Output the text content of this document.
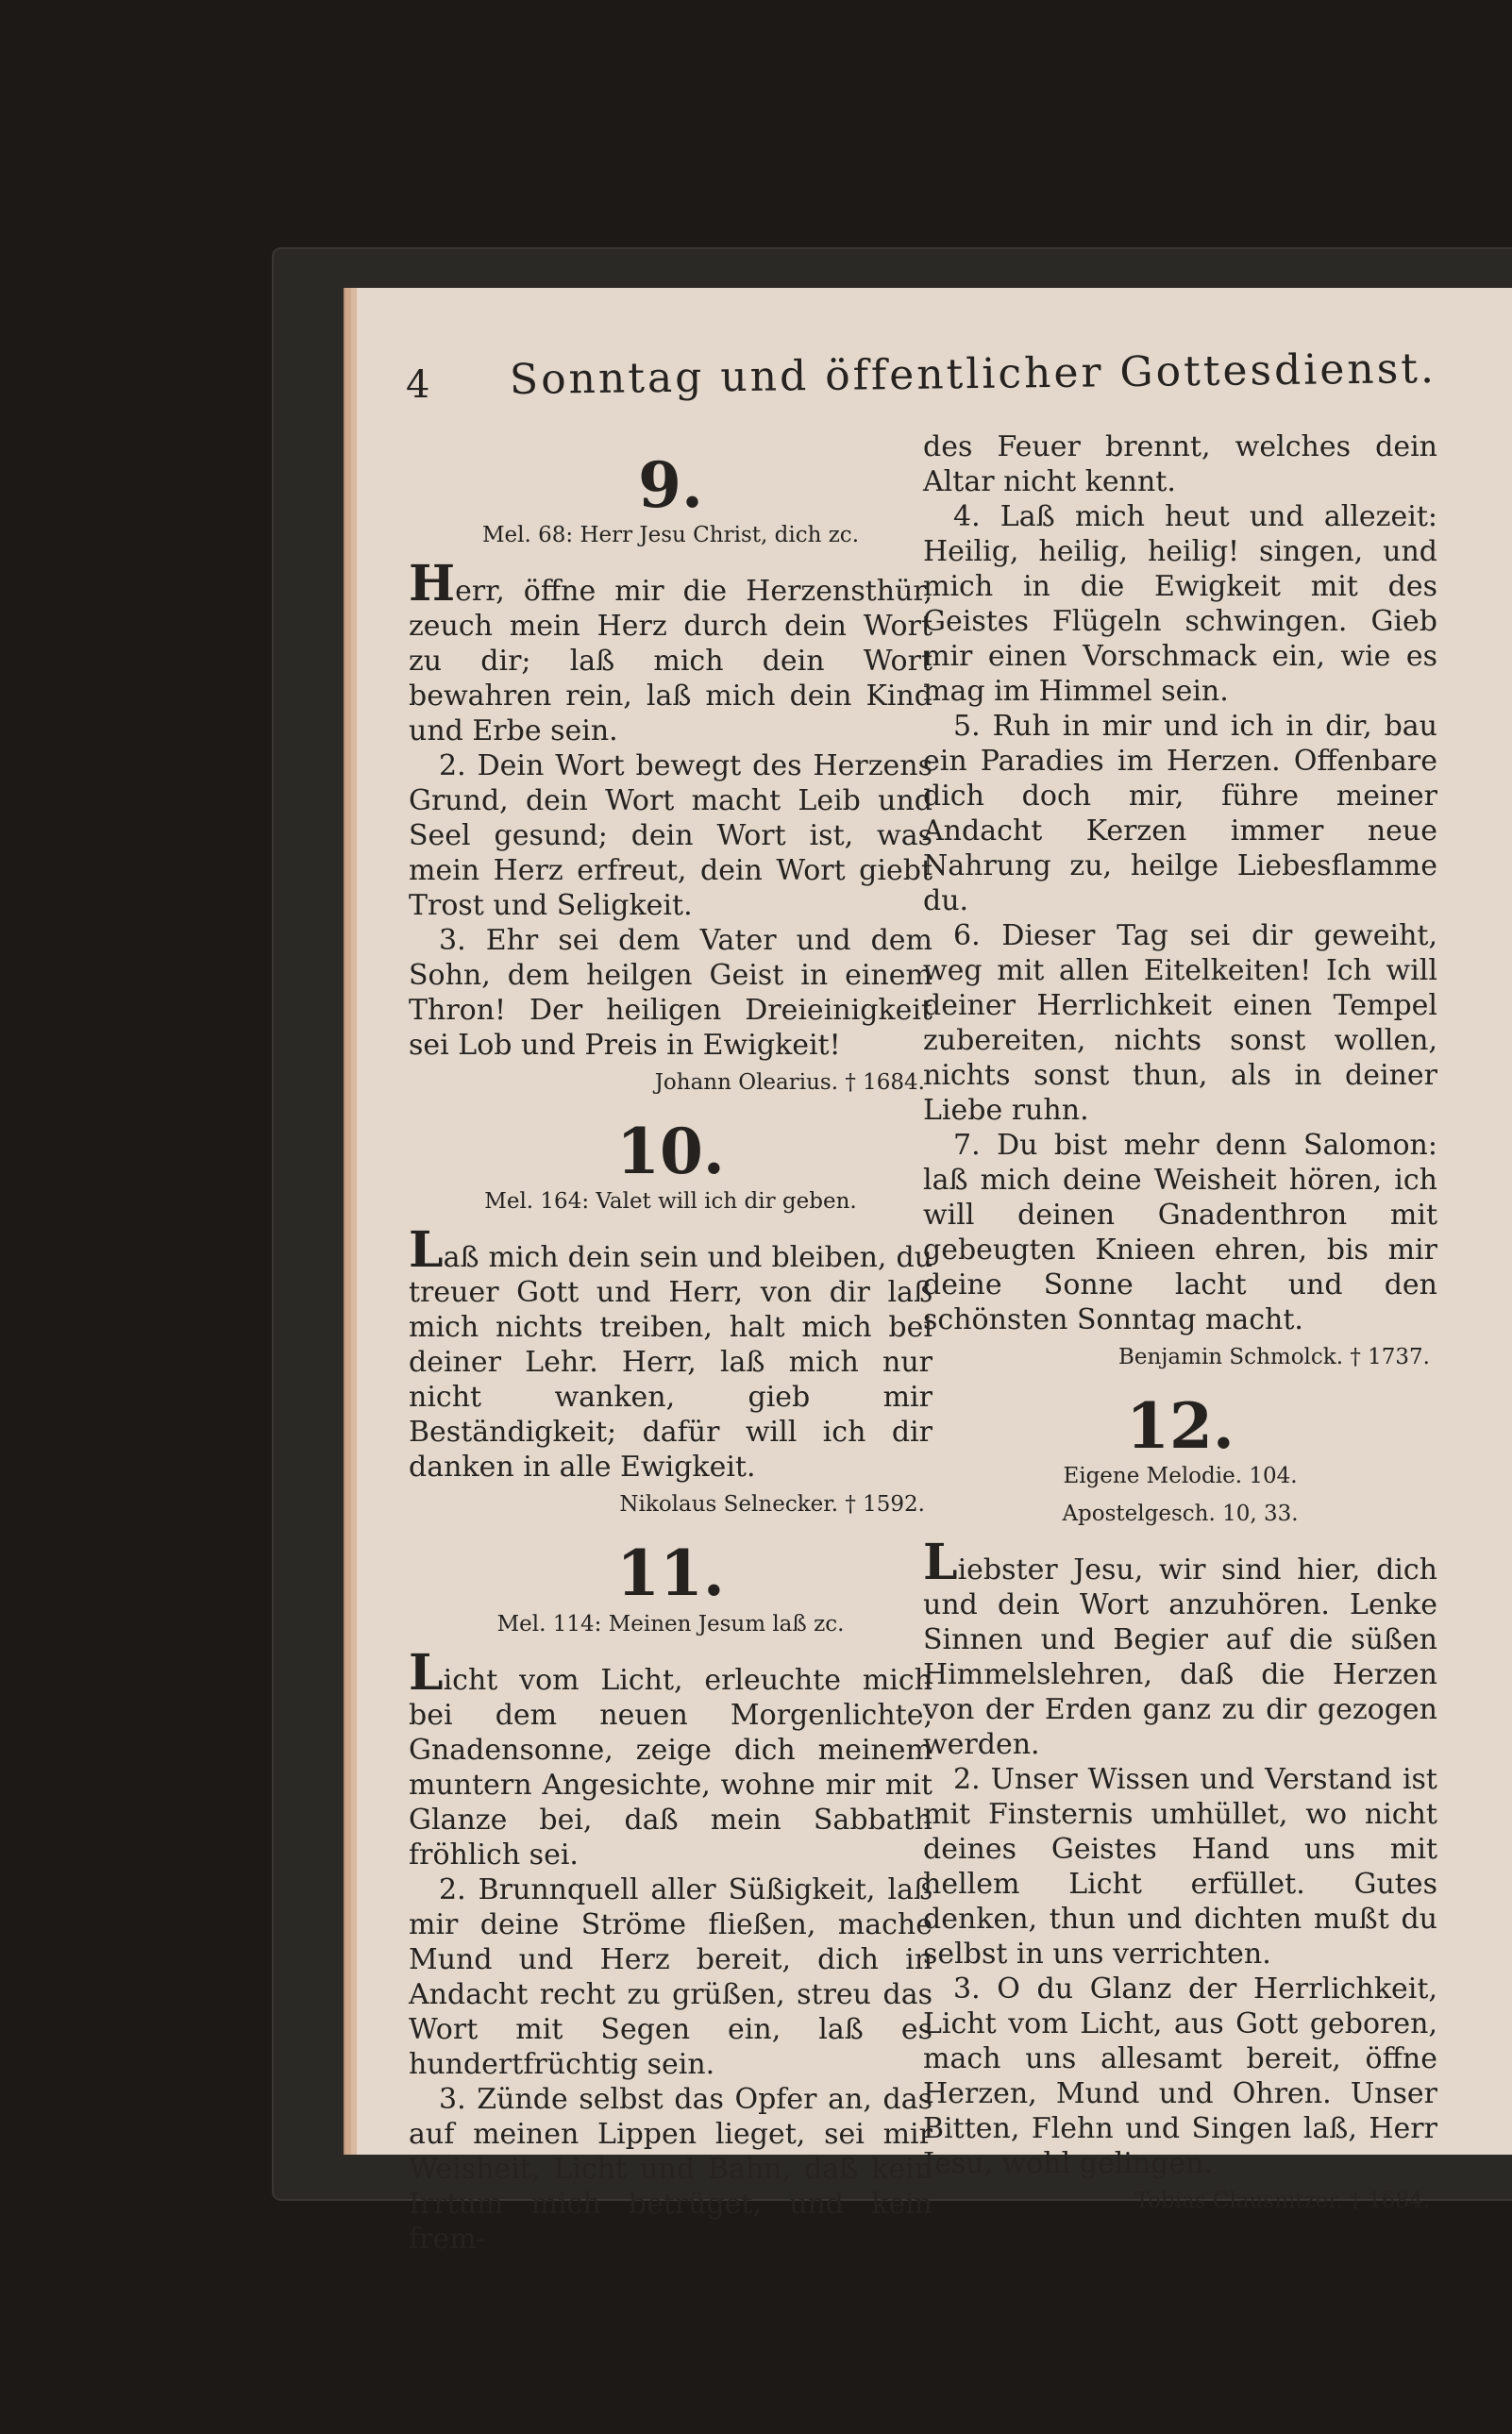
4 Sonntag und öffentlicher Gottesdienst.
9.
Mel. 68: Herr Jesu Christ, dich zc.

Herr, öffne mir die Herzensthür, zeuch mein Herz durch dein Wort zu dir; laß mich dein Wort bewahren rein, laß mich dein Kind und Erbe sein.

2. Dein Wort bewegt des Herzens Grund, dein Wort macht Leib und Seel gesund; dein Wort ist, was mein Herz erfreut, dein Wort giebt Trost und Seligkeit.

3. Ehr sei dem Vater und dem Sohn, dem heilgen Geist in einem Thron! Der heiligen Dreieinigkeit sei Lob und Preis in Ewigkeit!

Johann Olearius. † 1684.
10.
Mel. 164: Valet will ich dir geben.

Laß mich dein sein und bleiben, du treuer Gott und Herr, von dir laß mich nichts treiben, halt mich bei deiner Lehr. Herr, laß mich nur nicht wanken, gieb mir Beständigkeit; dafür will ich dir danken in alle Ewigkeit.

Nikolaus Selnecker. † 1592.
11.
Mel. 114: Meinen Jesum laß zc.

Licht vom Licht, erleuchte mich bei dem neuen Morgenlichte, Gnadensonne, zeige dich meinem muntern Angesichte, wohne mir mit Glanze bei, daß mein Sabbath fröhlich sei.

2. Brunnquell aller Süßigkeit, laß mir deine Ströme fließen, mache Mund und Herz bereit, dich in Andacht recht zu grüßen, streu das Wort mit Segen ein, laß es hundertfrüchtig sein.

3. Zünde selbst das Opfer an, das auf meinen Lippen lieget, sei mir Weisheit, Licht und Bahn, daß kein Irrtum mich betrüget, und kein frem-

des Feuer brennt, welches dein Altar nicht kennt.

4. Laß mich heut und allezeit: Heilig, heilig, heilig! singen, und mich in die Ewigkeit mit des Geistes Flügeln schwingen. Gieb mir einen Vorschmack ein, wie es mag im Himmel sein.

5. Ruh in mir und ich in dir, bau ein Paradies im Herzen. Offenbare dich doch mir, führe meiner Andacht Kerzen immer neue Nahrung zu, heilge Liebesflamme du.

6. Dieser Tag sei dir geweiht, weg mit allen Eitelkeiten! Ich will deiner Herrlichkeit einen Tempel zubereiten, nichts sonst wollen, nichts sonst thun, als in deiner Liebe ruhn.

7. Du bist mehr denn Salomon: laß mich deine Weisheit hören, ich will deinen Gnadenthron mit gebeugten Knieen ehren, bis mir deine Sonne lacht und den schönsten Sonntag macht.

Benjamin Schmolck. † 1737.
12.
Eigene Melodie. 104.
Apostelgesch. 10, 33.

Liebster Jesu, wir sind hier, dich und dein Wort anzuhören. Lenke Sinnen und Begier auf die süßen Himmelslehren, daß die Herzen von der Erden ganz zu dir gezogen werden.

2. Unser Wissen und Verstand ist mit Finsternis umhüllet, wo nicht deines Geistes Hand uns mit hellem Licht erfüllet. Gutes denken, thun und dichten mußt du selbst in uns verrichten.

3. O du Glanz der Herrlichkeit, Licht vom Licht, aus Gott geboren, mach uns allesamt bereit, öffne Herzen, Mund und Ohren. Unser Bitten, Flehn und Singen laß, Herr Jesu, wohl gelingen.

Tobias Clausnitzer. † 1684.
